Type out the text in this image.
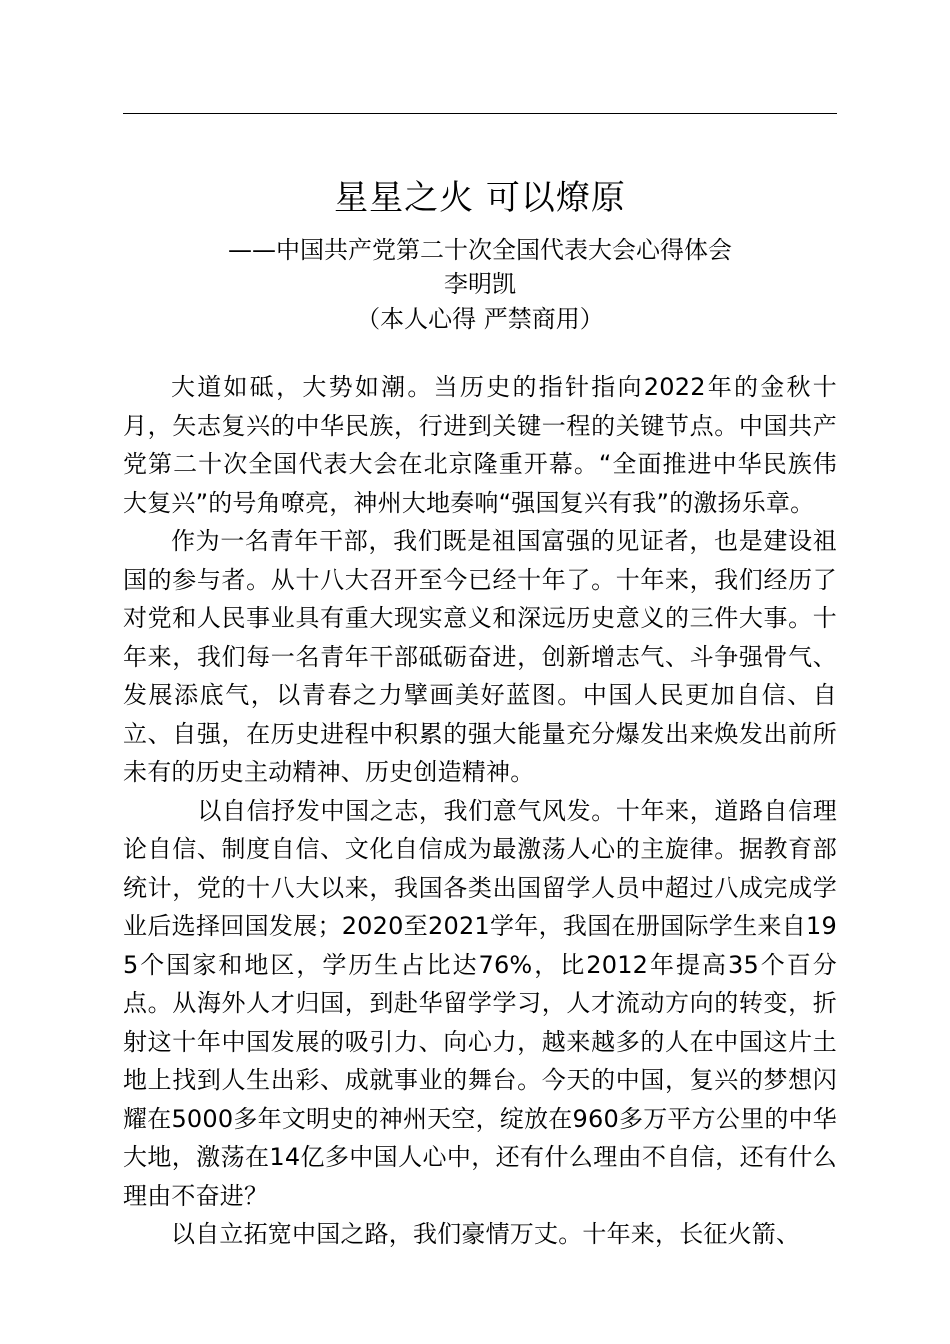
星星之火 可以燎原
——中国共产党第二十次全国代表大会心得体会
李明凯
（本人心得 严禁商用）

大道如砥，大势如潮。当历史的指针指向2022年的金秋十月，矢志复兴的中华民族，行进到关键一程的关键节点。中国共产党第二十次全国代表大会在北京隆重开幕。“全面推进中华民族伟大复兴”的号角嘹亮，神州大地奏响“强国复兴有我”的激扬乐章。

作为一名青年干部，我们既是祖国富强的见证者，也是建设祖国的参与者。从十八大召开至今已经十年了。十年来，我们经历了对党和人民事业具有重大现实意义和深远历史意义的三件大事。十年来，我们每一名青年干部砥砺奋进，创新增志气、斗争强骨气、发展添底气，以青春之力擘画美好蓝图。中国人民更加自信、自立、自强，在历史进程中积累的强大能量充分爆发出来焕发出前所未有的历史主动精神、历史创造精神。

以自信抒发中国之志，我们意气风发。十年来，道路自信理论自信、制度自信、文化自信成为最激荡人心的主旋律。据教育部统计，党的十八大以来，我国各类出国留学人员中超过八成完成学业后选择回国发展；2020至2021学年，我国在册国际学生来自195个国家和地区，学历生占比达76%，比2012年提高35个百分点。从海外人才归国，到赴华留学学习，人才流动方向的转变，折射这十年中国发展的吸引力、向心力，越来越多的人在中国这片土地上找到人生出彩、成就事业的舞台。今天的中国，复兴的梦想闪耀在5000多年文明史的神州天空，绽放在960多万平方公里的中华大地，激荡在14亿多中国人心中，还有什么理由不自信，还有什么理由不奋进？

以自立拓宽中国之路，我们豪情万丈。十年来，长征火箭、
